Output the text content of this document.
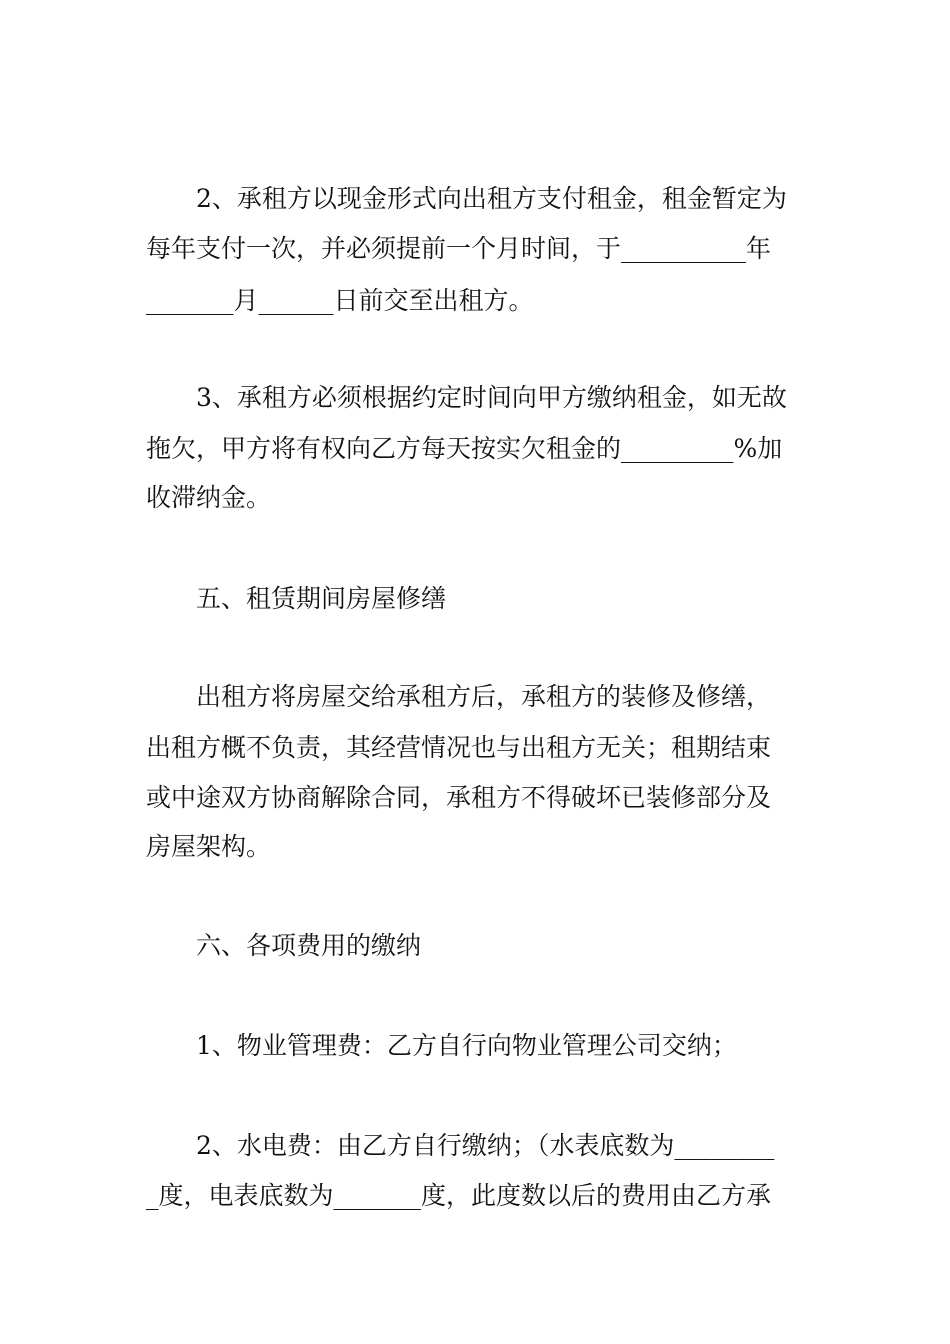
2、承租方以现金形式向出租方支付租金，租金暂定为
每年支付一次，并必须提前一个月时间，于__________年
_______月______日前交至出租方。
3、承租方必须根据约定时间向甲方缴纳租金，如无故
拖欠，甲方将有权向乙方每天按实欠租金的_________%加
收滞纳金。
五、租赁期间房屋修缮
出租方将房屋交给承租方后，承租方的装修及修缮，
出租方概不负责，其经营情况也与出租方无关；租期结束
或中途双方协商解除合同，承租方不得破坏已装修部分及
房屋架构。
六、各项费用的缴纳
1、物业管理费：乙方自行向物业管理公司交纳；
2、水电费：由乙方自行缴纳；（水表底数为________
_度，电表底数为_______度，此度数以后的费用由乙方承
